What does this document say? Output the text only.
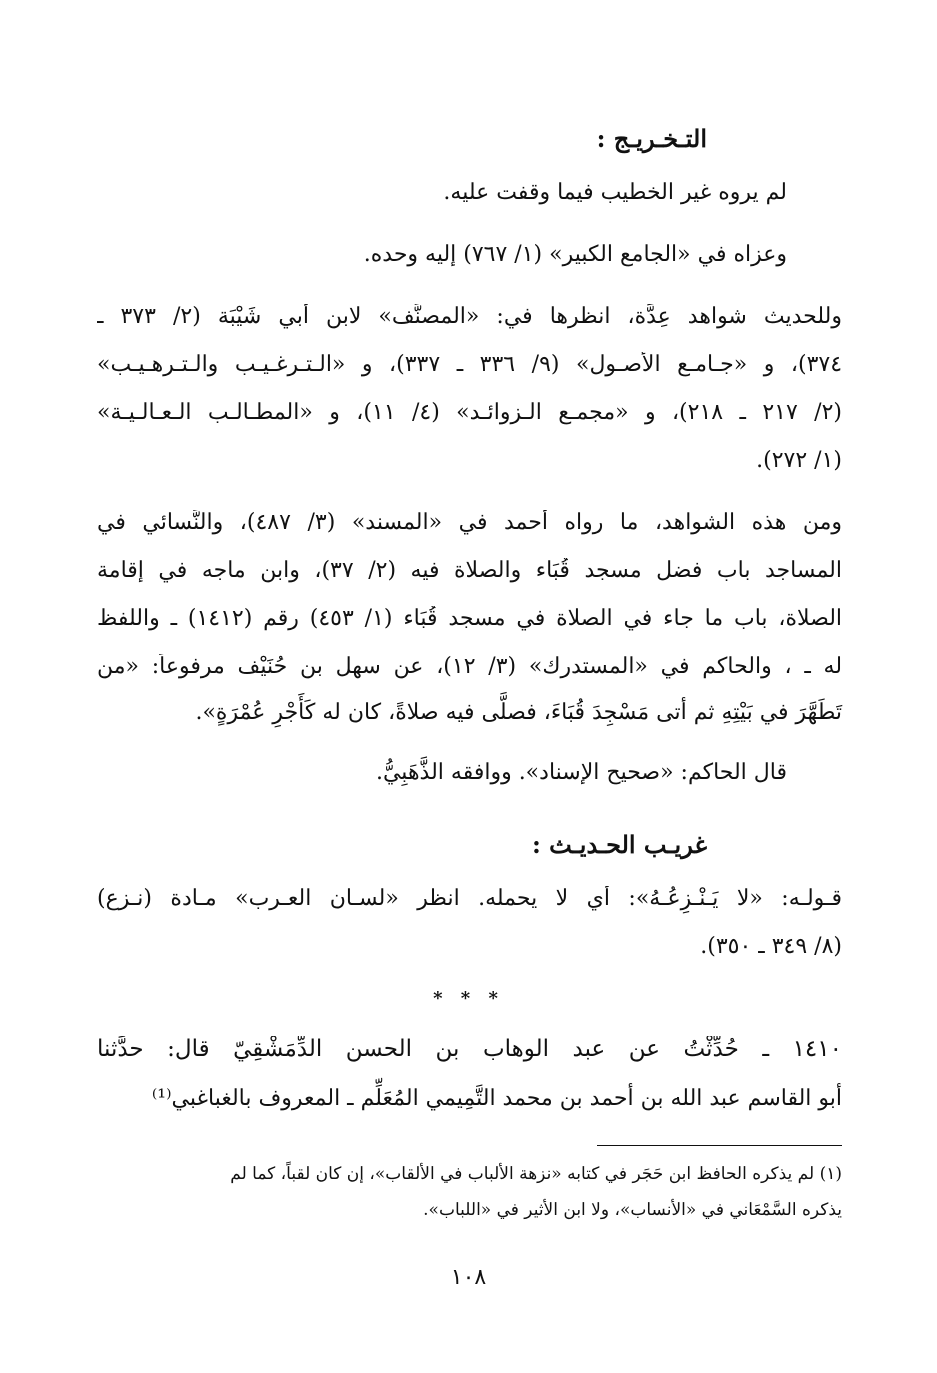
التـخـريـج :
لم يروه غير الخطيب فيما وقفت عليه.
وعزاه في «الجامع الكبير» (١/ ٧٦٧) إليه وحده.
وللحديث شواهد عِدَّة، انظرها في: «المصنَّف» لابن أبي شَيْبَة (٢/ ٣٧٣ ـ
٣٧٤)، و «جـامـع الأصـول» (٩/ ٣٣٦ ـ ٣٣٧)، و «الـتـرغـيـب والـتـرهـيـب»
(٢/ ٢١٧ ـ ٢١٨)، و «مجمـع الـزوائـد» (٤/ ١١)، و «المطـالـب الـعـالـيـة»
(١/ ٢٧٢).
ومن هذه الشواهد، ما رواه أحمد في «المسند» (٣/ ٤٨٧)، والنَّسائي في
المساجد باب فضل مسجد قُبَاء والصلاة فيه (٢/ ٣٧)، وابن ماجه في إقامة
الصلاة، باب ما جاء في الصلاة في مسجد قُبَاء (١/ ٤٥٣) رقم (١٤١٢) ـ واللفظ
له ـ ، والحاكم في «المستدرك» (٣/ ١٢)، عن سهل بن حُنَيْف مرفوعاً: «من
تَطَهَّرَ في بَيْتِهِ ثم أتى مَسْجِدَ قُبَاءَ، فصلَّى فيه صلاةً، كان له كَأَجْرِ عُمْرَةٍ».
قال الحاكم: «صحيح الإسناد». ووافقه الذَّهَبِيُّ.
غريـب الحـديـث :
قـولـه: «لا يَـنْـزِعُـهُ»: أي لا يحمله. انظر «لسـان العـرب» مـادة (نـزع)
(٨/ ٣٤٩ ـ ٣٥٠).
* * *
١٤١٠ ـ حُدِّثْتُ عن عبد الوهاب بن الحسن الدِّمَشْقِيّ قال: حدَّثنا
أبو القاسم عبد الله بن أحمد بن محمد التَّمِيمي المُعَلِّم ـ المعروف بالغباغبي⁽¹⁾
(١) لم يذكره الحافظ ابن حَجَر في كتابه «نزهة الألباب في الألقاب»، إن كان لقباً، كما لم
يذكره السَّمْعَاني في «الأنساب»، ولا ابن الأثير في «اللباب».
١٠٨
